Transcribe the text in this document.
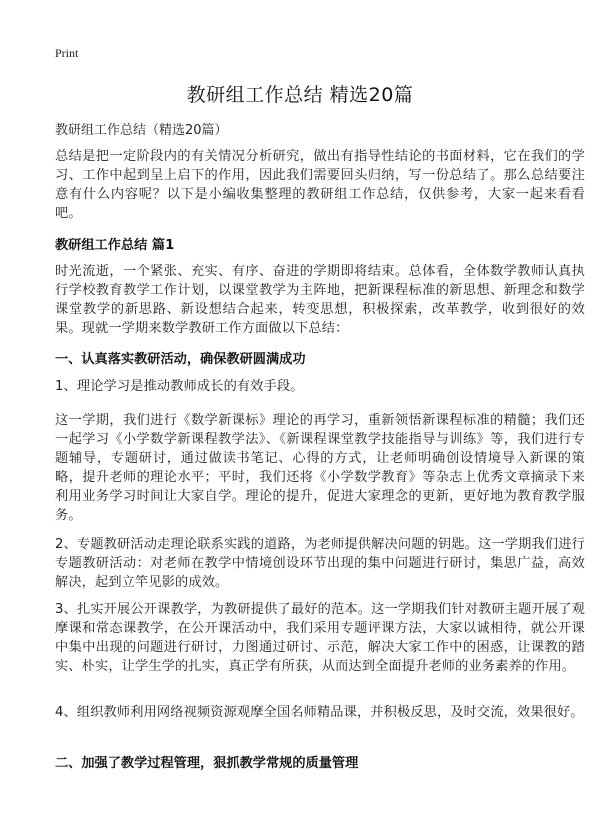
Print
教研组工作总结 精选20篇
教研组工作总结（精选20篇）
总结是把一定阶段内的有关情况分析研究，做出有指导性结论的书面材料，它在我们的学习、工作中起到呈上启下的作用，因此我们需要回头归纳，写一份总结了。那么总结要注意有什么内容呢？以下是小编收集整理的教研组工作总结，仅供参考，大家一起来看看吧。
教研组工作总结 篇1
时光流逝，一个紧张、充实、有序、奋进的学期即将结束。总体看，全体数学教师认真执行学校教育教学工作计划，以课堂教学为主阵地，把新课程标准的新思想、新理念和数学课堂教学的新思路、新设想结合起来，转变思想，积极探索，改革教学，收到很好的效果。现就一学期来数学教研工作方面做以下总结：
一、认真落实教研活动，确保教研圆满成功
1、理论学习是推动教师成长的有效手段。
这一学期，我们进行《数学新课标》理论的再学习，重新领悟新课程标准的精髓；我们还一起学习《小学数学新课程教学法》、《新课程课堂教学技能指导与训练》等，我们进行专题辅导，专题研讨，通过做读书笔记、心得的方式，让老师明确创设情境导入新课的策略，提升老师的理论水平；平时，我们还将《小学数学教育》等杂志上优秀文章摘录下来利用业务学习时间让大家自学。理论的提升，促进大家理念的更新，更好地为教育教学服务。
2、专题教研活动走理论联系实践的道路，为老师提供解决问题的钥匙。这一学期我们进行专题教研活动：对老师在教学中情境创设环节出现的集中问题进行研讨，集思广益，高效解决，起到立竿见影的成效。
3、扎实开展公开课教学，为教研提供了最好的范本。这一学期我们针对教研主题开展了观摩课和常态课教学，在公开课活动中，我们采用专题评课方法，大家以诚相待，就公开课中集中出现的问题进行研讨，力图通过研讨、示范，解决大家工作中的困惑，让课教的踏实、朴实，让学生学的扎实，真正学有所获，从而达到全面提升老师的业务素养的作用。
4、组织教师利用网络视频资源观摩全国名师精品课，并积极反思，及时交流，效果很好。
二、加强了教学过程管理，狠抓教学常规的质量管理
